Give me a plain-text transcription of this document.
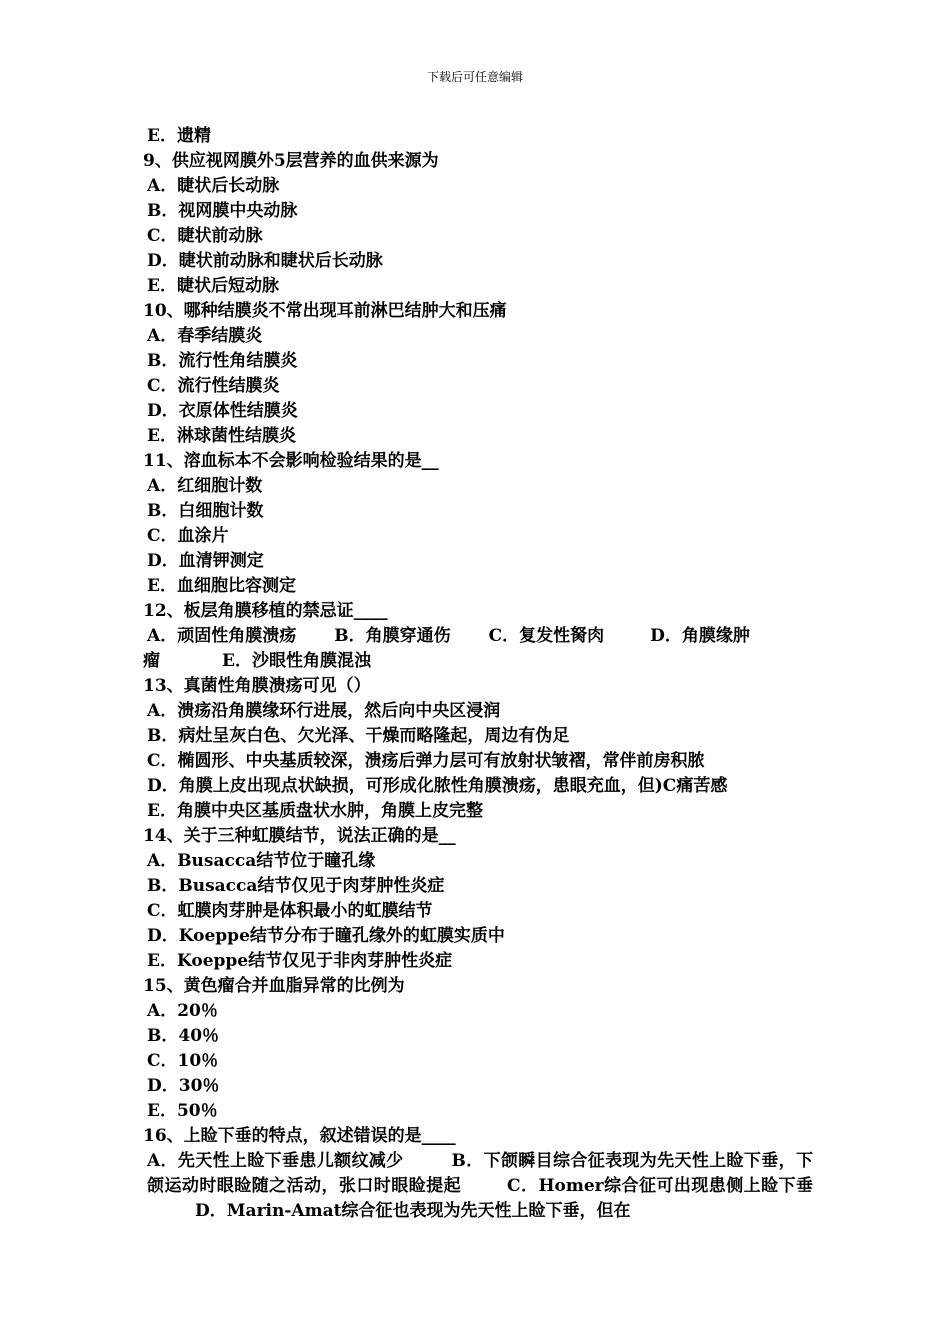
下载后可任意编辑
E．遗精
9、供应视网膜外5层营养的血供来源为
A．睫状后长动脉
B．视网膜中央动脉
C．睫状前动脉
D．睫状前动脉和睫状后长动脉
E．睫状后短动脉
10、哪种结膜炎不常出现耳前淋巴结肿大和压痛
A．春季结膜炎
B．流行性角结膜炎
C．流行性结膜炎
D．衣原体性结膜炎
E．淋球菌性结膜炎
11、溶血标本不会影响检验结果的是__
A．红细胞计数
B．白细胞计数
C．血涂片
D．血清钾测定
E．血细胞比容测定
12、板层角膜移植的禁忌证____
A．顽固性角膜溃疡 B．角膜穿通伤 C．复发性胬肉	D．角膜缘肿
瘤	E．沙眼性角膜混浊
13、真菌性角膜溃疡可见（）
A．溃疡沿角膜缘环行进展，然后向中央区浸润
B．病灶呈灰白色、欠光泽、干燥而略隆起，周边有伪足
C．椭圆形、中央基质较深，溃疡后弹力层可有放射状皱褶，常伴前房积脓
D．角膜上皮出现点状缺损，可形成化脓性角膜溃疡，患眼充血，但)C痛苦感
E．角膜中央区基质盘状水肿，角膜上皮完整
14、关于三种虹膜结节，说法正确的是__
A．Busacca结节位于瞳孔缘
B．Busacca结节仅见于肉芽肿性炎症
C．虹膜肉芽肿是体积最小的虹膜结节
D．Koeppe结节分布于瞳孔缘外的虹膜实质中
E．Koeppe结节仅见于非肉芽肿性炎症
15、黄色瘤合并血脂异常的比例为
A．20％
B．40％
C．10％
D．30％
E．50％
16、上睑下垂的特点，叙述错误的是____
A．先天性上睑下垂患儿额纹减少	B．下颌瞬目综合征表现为先天性上睑下垂，下颌运动时眼睑随之活动，张口时眼睑提起	C．Homer综合征可出现患侧上睑下垂D．Marin-Amat综合征也表现为先天性上睑下垂，但在
